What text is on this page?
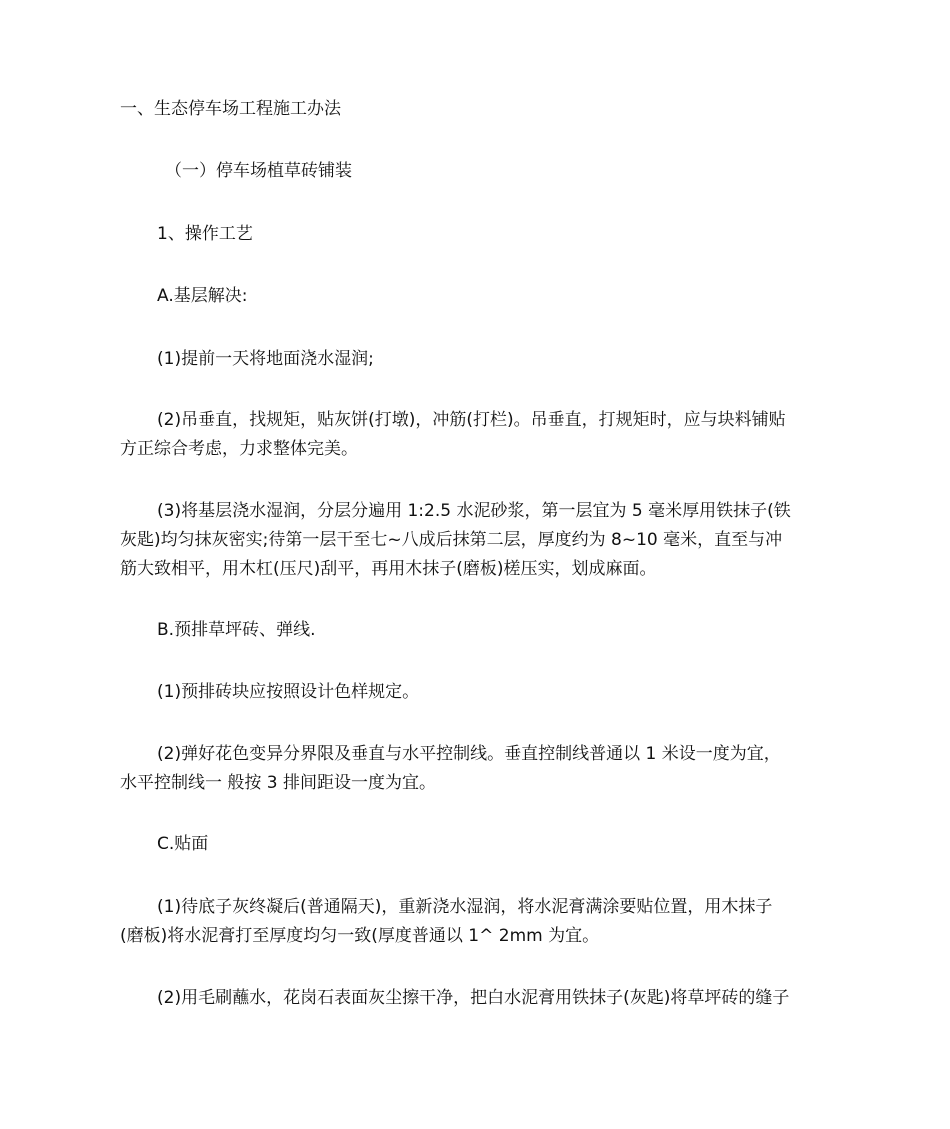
一、生态停车场工程施工办法

（一）停车场植草砖铺装

1、操作工艺

A.基层解决:

(1)提前一天将地面浇水湿润;

(2)吊垂直，找规矩，贴灰饼(打墩)，冲筋(打栏)。吊垂直，打规矩时，应与块料铺贴
方正综合考虑，力求整体完美。

(3)将基层浇水湿润，分层分遍用 1:2.5 水泥砂浆，第一层宜为 5 毫米厚用铁抹子(铁
灰匙)均匀抹灰密实;待第一层干至七~八成后抹第二层，厚度约为 8~10 毫米，直至与冲
筋大致相平，用木杠(压尺)刮平，再用木抹子(磨板)槎压实，划成麻面。

B.预排草坪砖、弹线.

(1)预排砖块应按照设计色样规定。

(2)弹好花色变异分界限及垂直与水平控制线。垂直控制线普通以 1 米设一度为宜，
水平控制线一 般按 3 排间距设一度为宜。

C.贴面

(1)待底子灰终凝后(普通隔天)，重新浇水湿润，将水泥膏满涂要贴位置，用木抹子
(磨板)将水泥膏打至厚度均匀一致(厚度普通以 1^ 2mm 为宜。

(2)用毛刷蘸水，花岗石表面灰尘擦干净，把白水泥膏用铁抹子(灰匙)将草坪砖的缝子
